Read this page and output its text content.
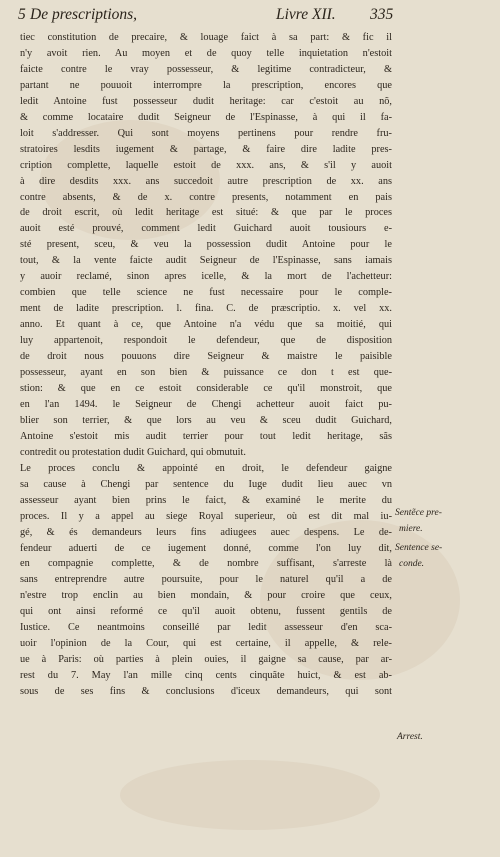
5 De prescriptions,	Livre XII. 335
tiec constitution de precaire, & louage faict à sa part: & fic il
n'y avoit rien. Au moyen et de quoy telle inquietation n'estoit
faicte contre le vray possesseur, & legitime contradicteur, &
partant ne pouuoit interrompre la prescription, encores que
ledit Antoine fust possesseur dudit heritage: car c'estoit au nõ,
& comme locataire dudit Seigneur de l'Espinasse, à qui il fa-
loit s'addresser. Qui sont moyens pertinens pour rendre fru-
stratoires lesdits iugement & partage, & faire dire ladite pres-
cription complette, laquelle estoit de xxx. ans, & s'il y auoit
à dire desdits xxx. ans succedoit autre prescription de xx. ans
contre absents, & de x. contre presents, notamment en pais
de droit escrit, où ledit heritage est situé: & que par le proces
auoit esté prouvé, comment ledit Guichard auoit tousiours e-
sté present, sceu, & veu la possession dudit Antoine pour le
tout, & la vente faicte audit Seigneur de l'Espinasse, sans iamais
y auoir reclamé, sinon apres icelle, & la mort de l'achetteur:
combien que telle science ne fust necessaire pour le comple-
ment de ladite prescription. l. fina. C. de præscriptio. x. vel xx.
anno. Et quant à ce, que Antoine n'a védu que sa moitié, qui
luy appartenoit, respondoit le defendeur, que de disposition
de droit nous pouuons dire Seigneur & maistre le paisible
possesseur, ayant en son bien & puissance ce don t est que-
stion: & que en ce estoit considerable ce qu'il monstroit, que
en l'an 1494. le Seigneur de Chengi achetteur auoit faict pu-
blier son terrier, & que lors au veu & sceu dudit Guichard,
Antoine s'estoit mis audit terrier pour tout ledit heritage, sãs
contredit ou protestation dudit Guichard, qui obmutuit.
Le proces conclu & appointé en droit, le defendeur gaigne
sa cause à Chengi par sentence du Iuge dudit lieu auec vn
assesseur ayant bien prins le faict, & examiné le merite du
proces. Il y a appel au siege Royal superieur, où est dit mal iu-
gé, & és demandeurs leurs fins adiugees auec despens. Le de-
fendeur aduerti de ce iugement donné, comme l'on luy dit,
en compagnie complette, & de nombre suffisant, s'arreste là
sans entreprendre autre poursuite, pour le naturel qu'il a de
n'estre trop enclin au bien mondain, & pour croire que ceux,
qui ont ainsi reformé ce qu'il auoit obtenu, fussent gentils de
Iustice. Ce neantmoins conseillé par ledit assesseur d'en sca-
uoir l'opinion de la Cour, qui est certaine, il appelle, & rele-
ue à Paris: où parties à plein ouies, il gaigne sa cause, par ar-
rest du 7. May l'an mille cinq cents cinquãte huict, & est ab-
sous de ses fins & conclusions d'iceux demandeurs, qui sont
Sentẽce pre-
miere.
Sentence se-
conde.
Arrest.
